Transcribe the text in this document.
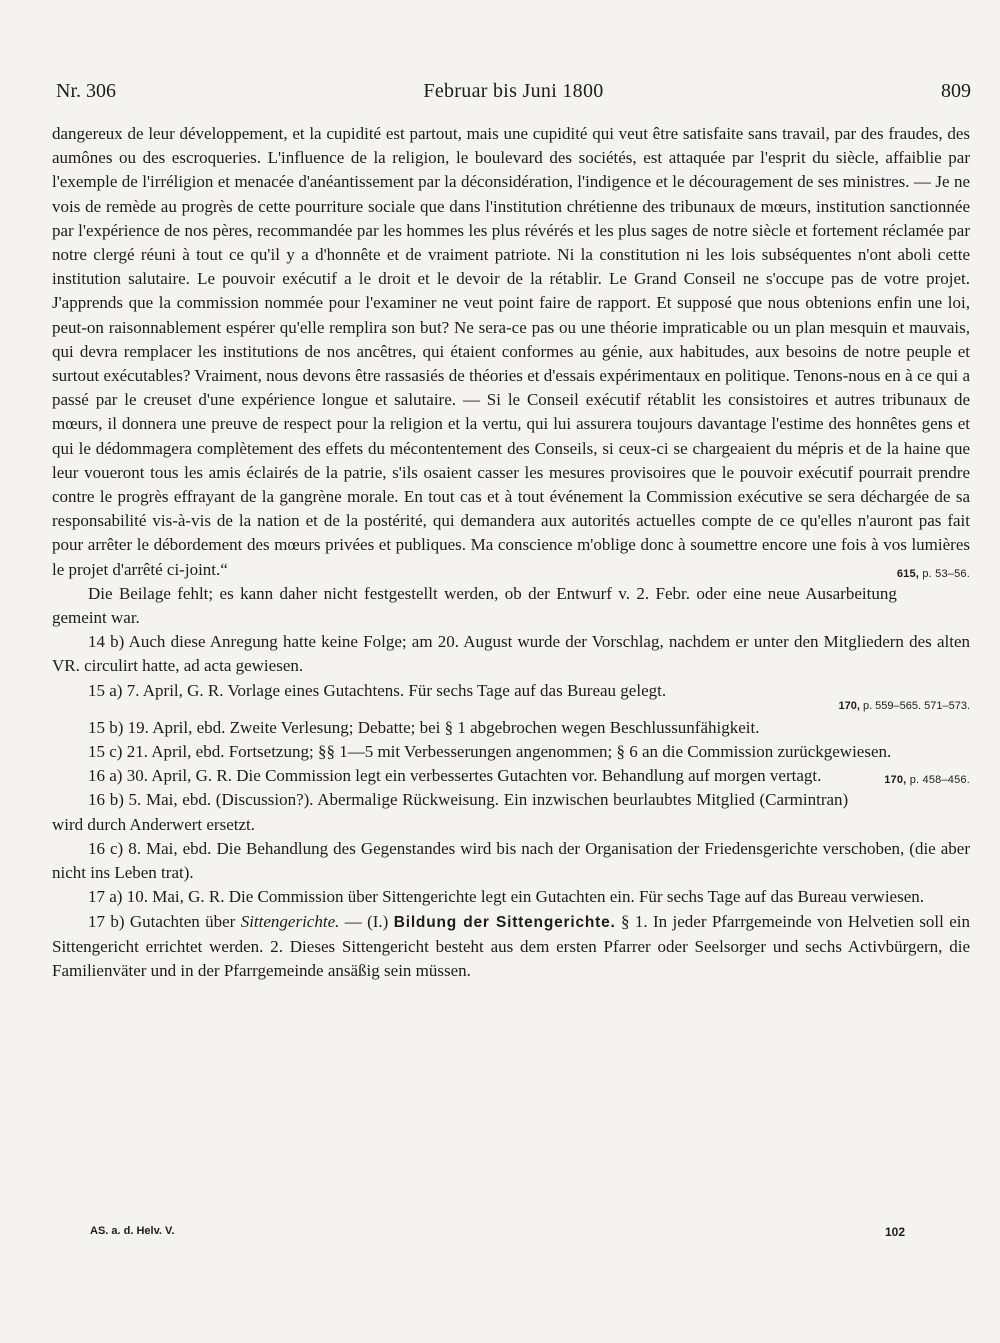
Nr. 306	Februar bis Juni 1800	809

dangereux de leur développement, et la cupidité est partout, mais une cupidité qui veut être satisfaite sans travail, par des fraudes, des aumônes ou des escroqueries. L'influence de la religion, le boulevard des sociétés, est attaquée par l'esprit du siècle, affaiblie par l'exemple de l'irréligion et menacée d'anéantissement par la déconsidération, l'indigence et le découragement de ses ministres. — Je ne vois de remède au progrès de cette pourriture sociale que dans l'institution chrétienne des tribunaux de mœurs, institution sanctionnée par l'expérience de nos pères, recommandée par les hommes les plus révérés et les plus sages de notre siècle et fortement réclamée par notre clergé réuni à tout ce qu'il y a d'honnête et de vraiment patriote. Ni la constitution ni les lois subséquentes n'ont aboli cette institution salutaire. Le pouvoir exécutif a le droit et le devoir de la rétablir. Le Grand Conseil ne s'occupe pas de votre projet. J'apprends que la commission nommée pour l'examiner ne veut point faire de rapport. Et supposé que nous obtenions enfin une loi, peut-on raisonnablement espérer qu'elle remplira son but? Ne sera-ce pas ou une théorie impraticable ou un plan mesquin et mauvais, qui devra remplacer les institutions de nos ancêtres, qui étaient conformes au génie, aux habitudes, aux besoins de notre peuple et surtout exécutables? Vraiment, nous devons être rassasiés de théories et d'essais expérimentaux en politique. Tenons-nous en à ce qui a passé par le creuset d'une expérience longue et salutaire. — Si le Conseil exécutif rétablit les consistoires et autres tribunaux de mœurs, il donnera une preuve de respect pour la religion et la vertu, qui lui assurera toujours davantage l'estime des honnêtes gens et qui le dédommagera complètement des effets du mécontentement des Conseils, si ceux-ci se chargeaient du mépris et de la haine que leur voueront tous les amis éclairés de la patrie, s'ils osaient casser les mesures provisoires que le pouvoir exécutif pourrait prendre contre le progrès effrayant de la gangrène morale. En tout cas et à tout événement la Commission exécutive se sera déchargée de sa responsabilité vis-à-vis de la nation et de la postérité, qui demandera aux autorités actuelles compte de ce qu'elles n'auront pas fait pour arrêter le débordement des mœurs privées et publiques. Ma conscience m'oblige donc à soumettre encore une fois à vos lumières le projet d'arrêté ci-joint.“	615, p. 53–56.

Die Beilage fehlt; es kann daher nicht festgestellt werden, ob der Entwurf v. 2. Febr. oder eine neue Ausarbeitung gemeint war.

14 b) Auch diese Anregung hatte keine Folge; am 20. August wurde der Vorschlag, nachdem er unter den Mitgliedern des alten VR. circulirt hatte, ad acta gewiesen.

15 a) 7. April, G. R. Vorlage eines Gutachtens. Für sechs Tage auf das Bureau gelegt.

170, p. 559–565. 571–573.

15 b) 19. April, ebd. Zweite Verlesung; Debatte; bei § 1 abgebrochen wegen Beschlussunfähigkeit.

15 c) 21. April, ebd. Fortsetzung; §§ 1—5 mit Verbesserungen angenommen; § 6 an die Commission zurückgewiesen.
170, p. 458–456.

16 a) 30. April, G. R. Die Commission legt ein verbessertes Gutachten vor. Behandlung auf morgen vertagt.

16 b) 5. Mai, ebd. (Discussion?). Abermalige Rückweisung. Ein inzwischen beurlaubtes Mitglied (Carmintran) wird durch Anderwert ersetzt.

16 c) 8. Mai, ebd. Die Behandlung des Gegenstandes wird bis nach der Organisation der Friedensgerichte verschoben, (die aber nicht ins Leben trat).

17 a) 10. Mai, G. R. Die Commission über Sittengerichte legt ein Gutachten ein. Für sechs Tage auf das Bureau verwiesen.

17 b) Gutachten über Sittengerichte. — (I.) Bildung der Sittengerichte. § 1. In jeder Pfarrgemeinde von Helvetien soll ein Sittengericht errichtet werden. 2. Dieses Sittengericht besteht aus dem ersten Pfarrer oder Seelsorger und sechs Activbürgern, die Familienväter und in der Pfarrgemeinde ansäßig sein müssen.

AS. a. d. Helv. V.	102
